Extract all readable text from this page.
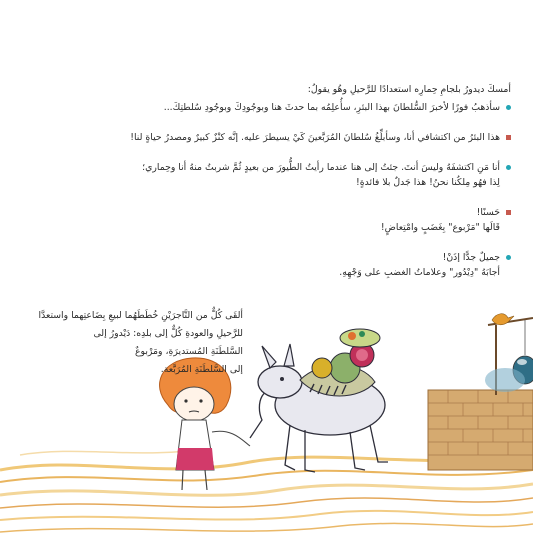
أمسكَ ديدورُ بلجامِ حِمارِه استعدادًا للرَّحيلِ وهُو يقولُ:
سأذهبُ فورًا لأخبرَ السُّلطانَ بهذا البئرِ، سأُعلِمُه بما حدثَ هنا وبوجُودِكَ وبوجُودِ سُلطتِكَ...
هذا البئرُ من اكتشافي أنا، وسأبلِّغُ سُلطانَ المُرَبَّعينَ كَيْ يسيطرَ عليه. إنَّه كنْزٌ كبيرٌ ومصدرُ حياةٍ لنا!
أنا مَنِ اكتشفَهُ وليسَ أنتَ. جئتُ إلى هنا عندما رأيتُ الطُّيورَ من بعيدٍ ثُمَّ شربتُ منهُ أنا وحِماري؛
لِذا فهُو مِلكُنا نحنُ! هذا جَدلٌ بلا فائدةٍ!
حَسنًا!
قَالَها "مَرْبوع" بِغَضَبٍ وامْتِعاضٍ!
جميلٌ جدًّا إذَنْ!
أجابَهُ "دِيْدُور" وعلاماتُ الغضبِ على وَجْهِهِ.
ألقَى كُلٌّ من التَّاجرَيْنِ خُطَطَهُما لبيعِ بِضَاعتِهما واستعدَّا
للرَّحيلِ والعودةِ كُلٌّ إلى بلدِه: دَيْدورُ إلى
السَّلطَنَةِ المُستديرَةِ، ومَرْبوعٌ
إلى السَّلطَنَةِ المُرَبَّعة.
